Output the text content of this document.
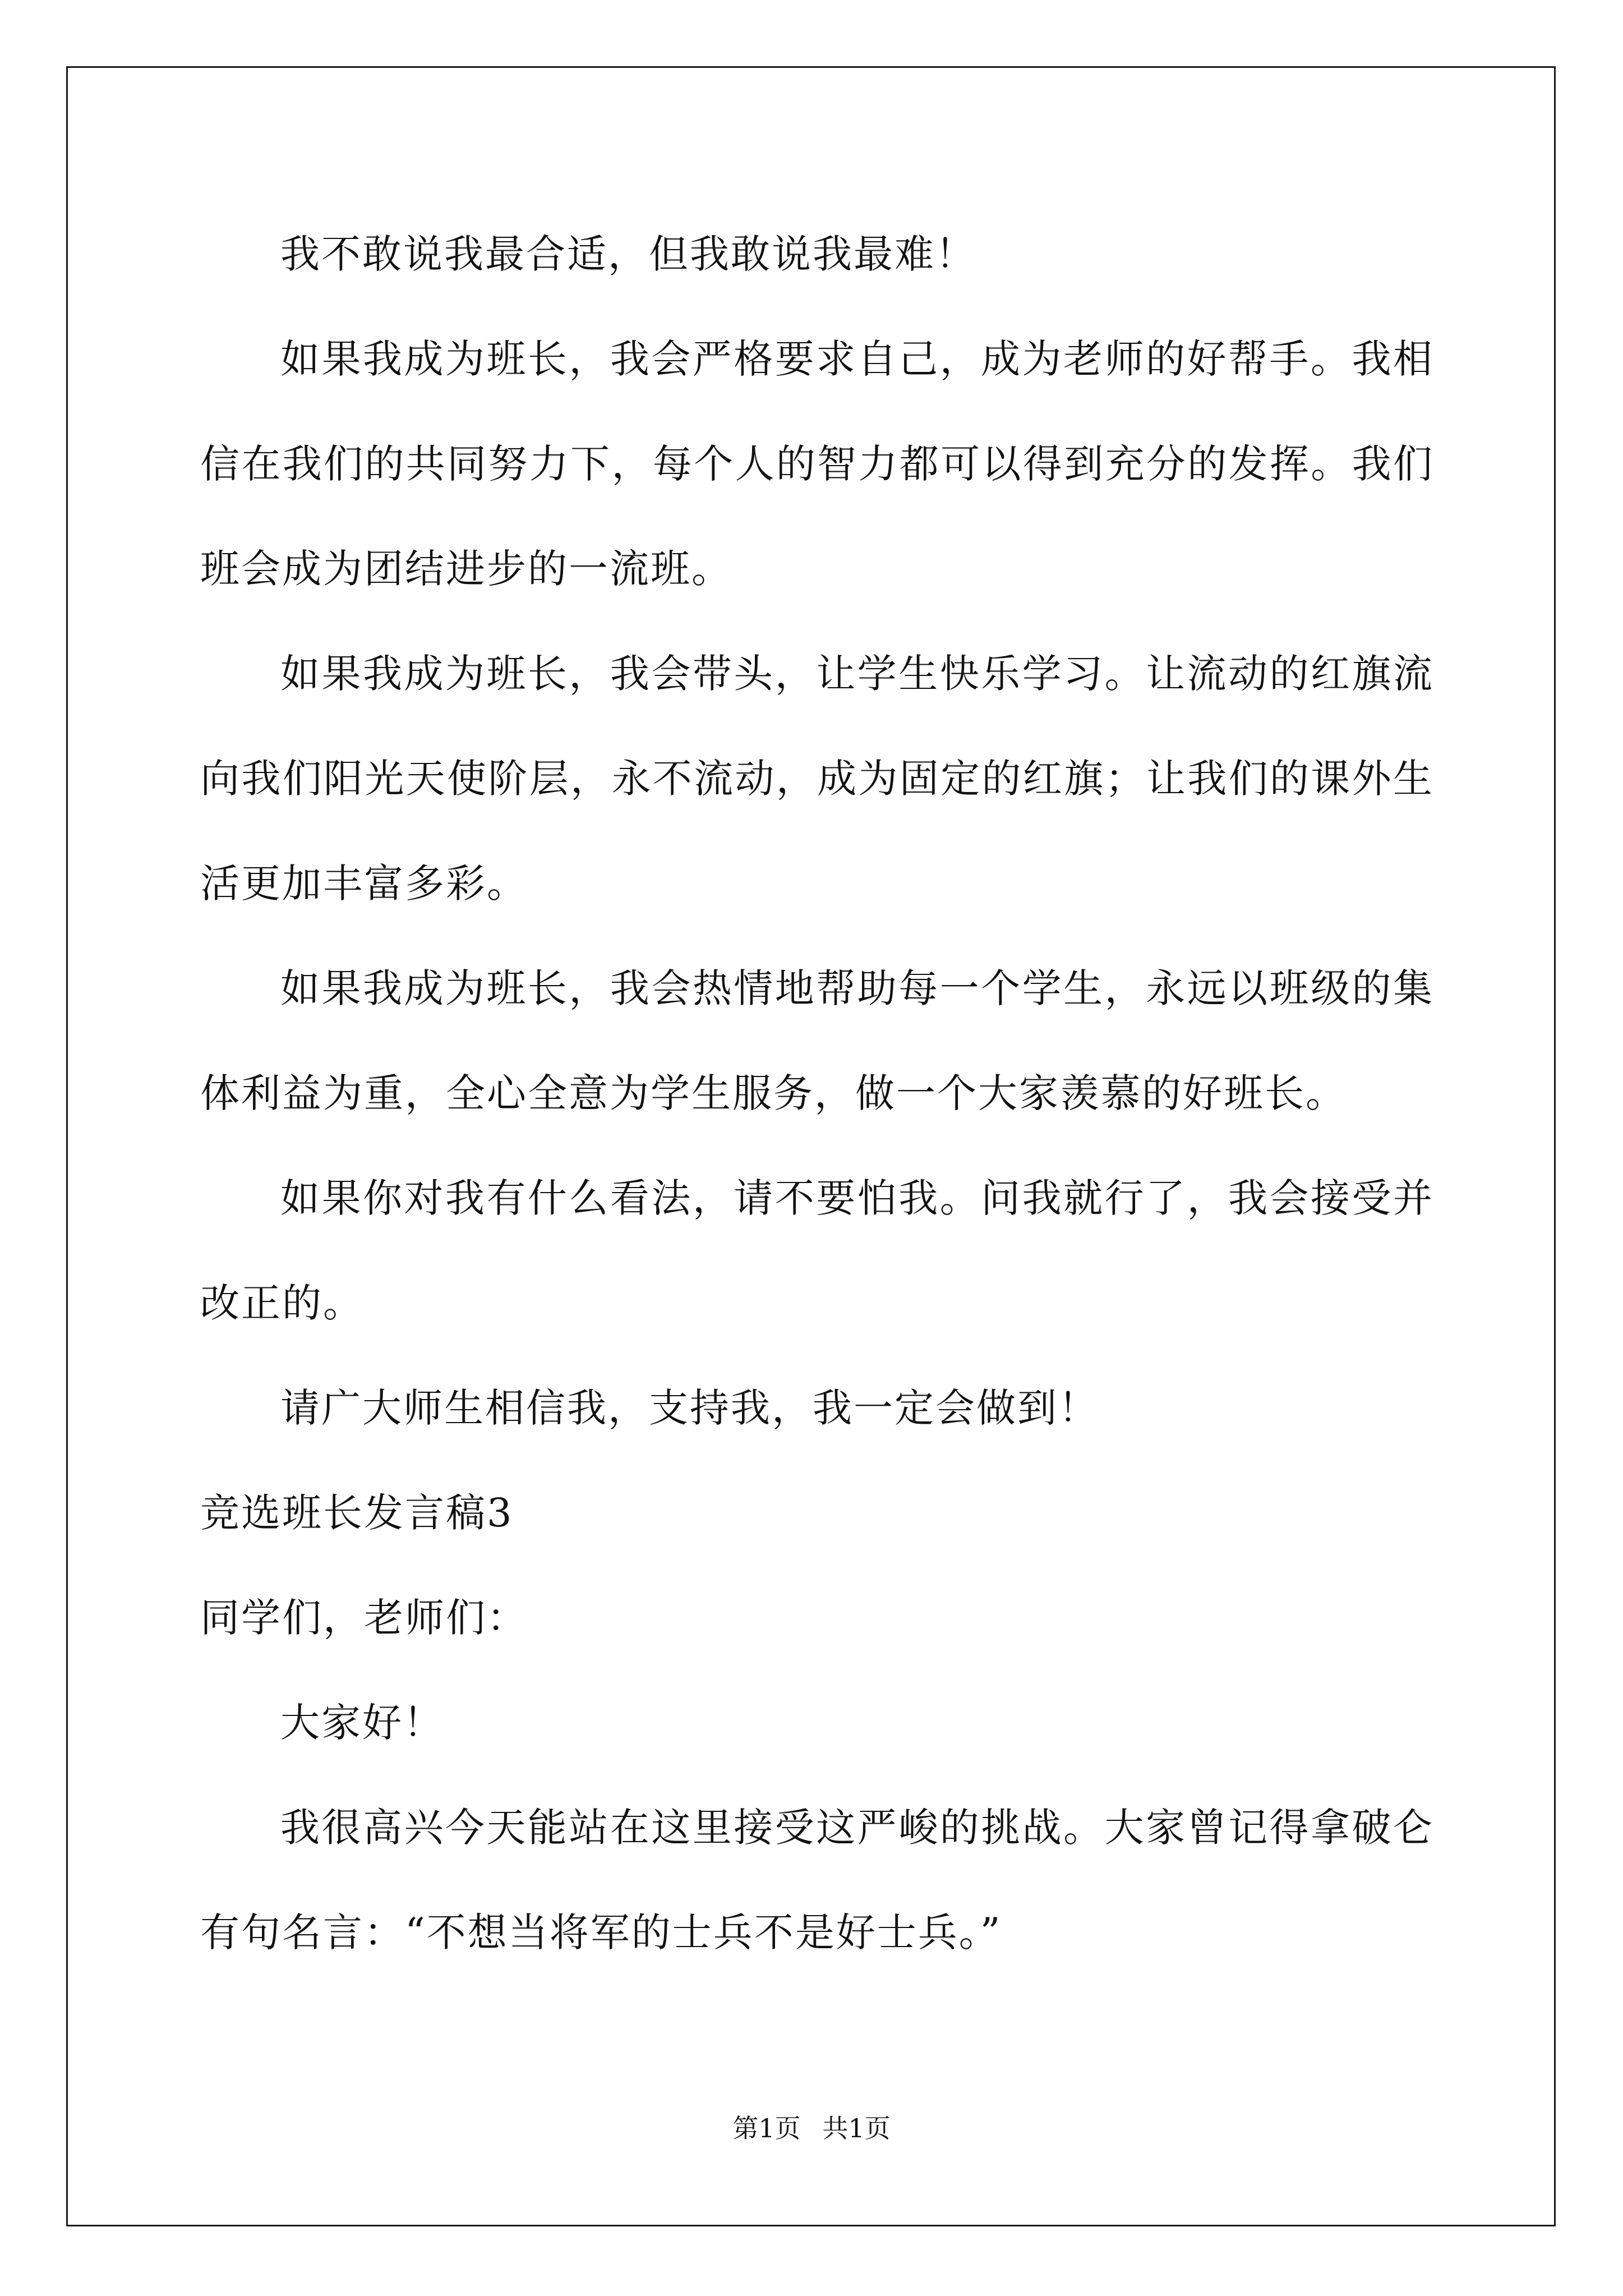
我不敢说我最合适，但我敢说我最难！

如果我成为班长，我会严格要求自己，成为老师的好帮手。我相信在我们的共同努力下，每个人的智力都可以得到充分的发挥。我们班会成为团结进步的一流班。

如果我成为班长，我会带头，让学生快乐学习。让流动的红旗流向我们阳光天使阶层，永不流动，成为固定的红旗；让我们的课外生活更加丰富多彩。

如果我成为班长，我会热情地帮助每一个学生，永远以班级的集体利益为重，全心全意为学生服务，做一个大家羡慕的好班长。

如果你对我有什么看法，请不要怕我。问我就行了，我会接受并改正的。

请广大师生相信我，支持我，我一定会做到！

竞选班长发言稿3

同学们，老师们：

大家好！

我很高兴今天能站在这里接受这严峻的挑战。大家曾记得拿破仑有句名言：“不想当将军的士兵不是好士兵。”

第1页 共1页
